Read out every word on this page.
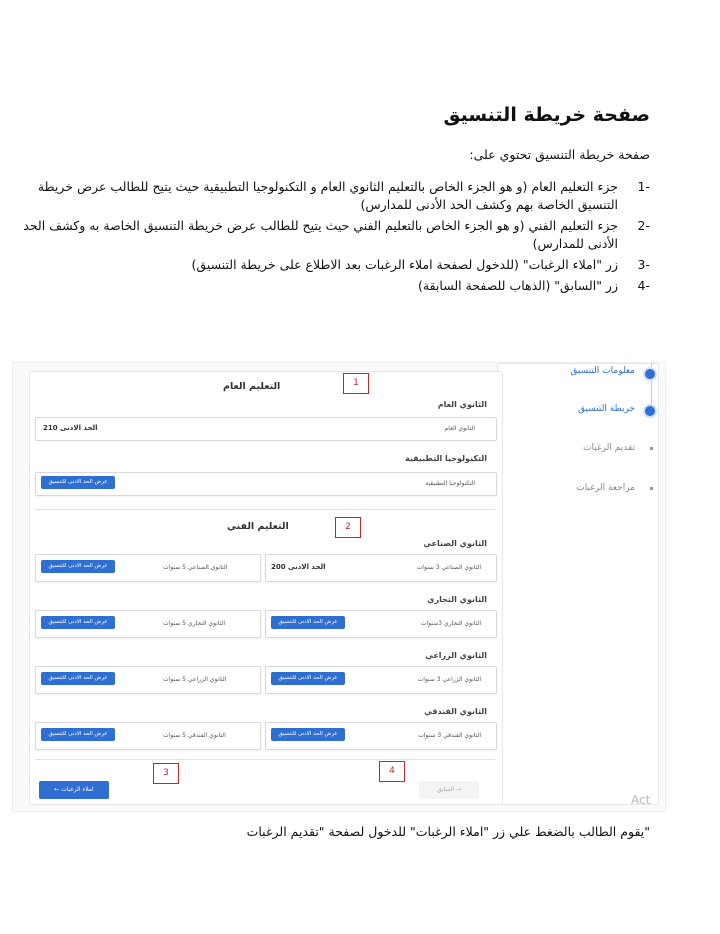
صفحة خريطة التنسيق
صفحة خريطة التنسيق تحتوي على:
-1
جزء التعليم العام (و هو الجزء الخاص بالتعليم الثانوي العام و التكنولوجيا التطبيقية حيث يتيح للطالب عرض خريطة التنسيق الخاصة بهم وكشف الحد الأدنى للمدارس)
-2
جزء التعليم الفني (و هو الجزء الخاص بالتعليم الفني حيث يتيح للطالب عرض خريطة التنسيق الخاصة به وكشف الحد الأدنى للمدارس)
-3
زر "املاء الرغبات" (للدخول لصفحة املاء الرغبات بعد الاطلاع على خريطة التنسيق)
-4
زر "السابق" (الذهاب للصفحة السابقة)
معلومات التنسيق
خريطة التنسيق
تقديم الرغبات
مراجعة الرغبات
التعليم العام	1
الثانوي العام
الثانوي العام
الحد الادنى 210
التكنولوجيا التطبيقية
التكنولوجيا التطبيقية
عرض الحد الادنى للتنسيق
التعليم الفني	2
الثانوي الصناعي
الثانوي الصناعي 3 سنوات
الحد الادنى 200
الثانوي الصناعي 5 سنوات
عرض الحد الادنى للتنسيق
الثانوي التجاري
الثانوي التجاري 3سنوات
عرض الحد الادنى للتنسيق
الثانوي التجاري 5 سنوات
عرض الحد الادنى للتنسيق
الثانوي الزراعي
الثانوي الزراعي 3 سنوات
عرض الحد الادنى للتنسيق
الثانوي الزراعي 5 سنوات
عرض الحد الادنى للتنسيق
الثانوي الفندقي
الثانوي الفندقي 3 سنوات
عرض الحد الادنى للتنسيق
الثانوي الفندقي 5 سنوات
عرض الحد الادنى للتنسيق
← املاء الرغبات
3	4
السابق →
Act
"يقوم الطالب بالضغط علي زر "املاء الرغبات" للدخول لصفحة "تقديم الرغبات
